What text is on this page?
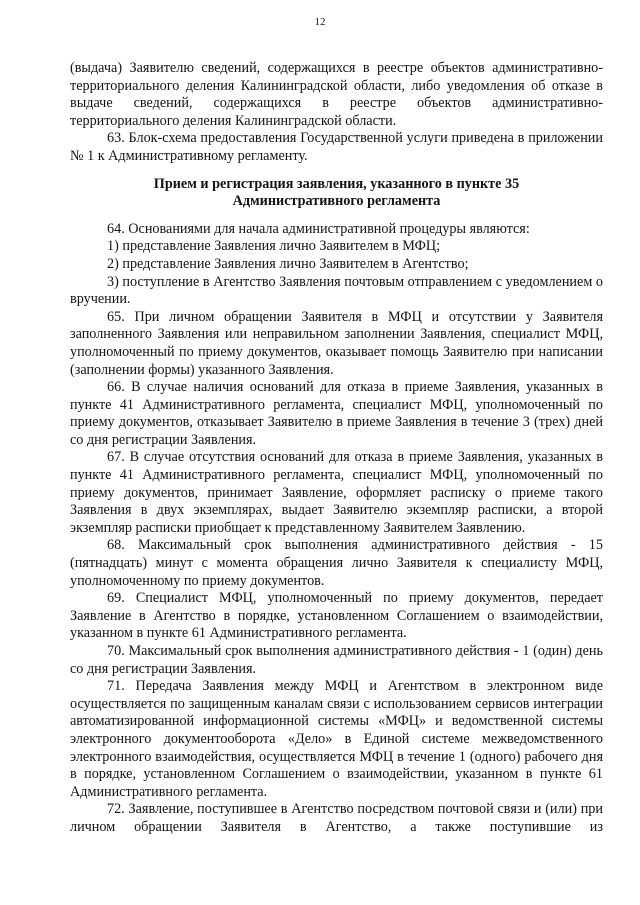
12

(выдача) Заявителю сведений, содержащихся в реестре объектов административно-территориального деления Калининградской области, либо уведомления об отказе в выдаче сведений, содержащихся в реестре объектов административно-территориального деления Калининградской области.

63. Блок-схема предоставления Государственной услуги приведена в приложении № 1 к Административному регламенту.

Прием и регистрация заявления, указанного в пункте 35 Административного регламента

64. Основаниями для начала административной процедуры являются:

1) представление Заявления лично Заявителем в МФЦ;

2) представление Заявления лично Заявителем в Агентство;

3) поступление в Агентство Заявления почтовым отправлением с уведомлением о вручении.

65. При личном обращении Заявителя в МФЦ и отсутствии у Заявителя заполненного Заявления или неправильном заполнении Заявления, специалист МФЦ, уполномоченный по приему документов, оказывает помощь Заявителю при написании (заполнении формы) указанного Заявления.

66. В случае наличия оснований для отказа в приеме Заявления, указанных в пункте 41 Административного регламента, специалист МФЦ, уполномоченный по приему документов, отказывает Заявителю в приеме Заявления в течение 3 (трех) дней со дня регистрации Заявления.

67. В случае отсутствия оснований для отказа в приеме Заявления, указанных в пункте 41 Административного регламента, специалист МФЦ, уполномоченный по приему документов, принимает Заявление, оформляет расписку о приеме такого Заявления в двух экземплярах, выдает Заявителю экземпляр расписки, а второй экземпляр расписки приобщает к представленному Заявителем Заявлению.

68. Максимальный срок выполнения административного действия - 15 (пятнадцать) минут с момента обращения лично Заявителя к специалисту МФЦ, уполномоченному по приему документов.

69. Специалист МФЦ, уполномоченный по приему документов, передает Заявление в Агентство в порядке, установленном Соглашением о взаимодействии, указанном в пункте 61 Административного регламента.

70. Максимальный срок выполнения административного действия - 1 (один) день со дня регистрации Заявления.

71. Передача Заявления между МФЦ и Агентством в электронном виде осуществляется по защищенным каналам связи с использованием сервисов интеграции автоматизированной информационной системы «МФЦ» и ведомственной системы электронного документооборота «Дело» в Единой системе межведомственного электронного взаимодействия, осуществляется МФЦ в течение 1 (одного) рабочего дня в порядке, установленном Соглашением о взаимодействии, указанном в пункте 61 Административного регламента.

72. Заявление, поступившее в Агентство посредством почтовой связи и (или) при личном обращении Заявителя в Агентство, а также поступившие из
